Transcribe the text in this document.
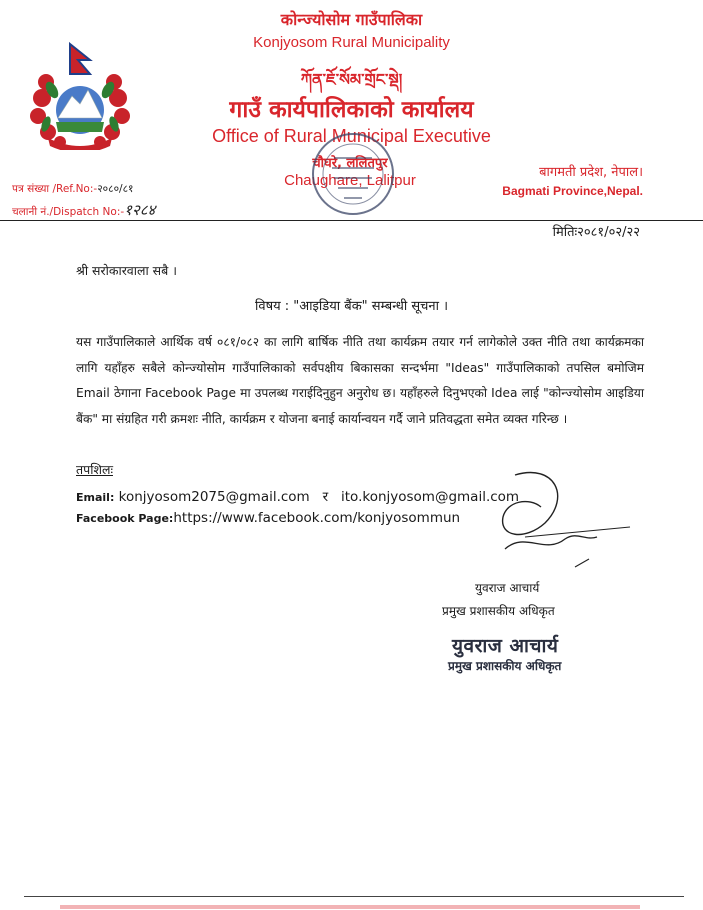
कोन्ज्योसोम गाउँपालिका
Konjyosom Rural Municipality
ཀོན་ཇོ་སོམ་གྲོང་སྡེ།
गाउँ कार्यपालिकाको कार्यालय
Office of Rural Municipal Executive
चौघरे, ललितपुर
Chaughare, Lalitpur
पत्र संख्या /Ref.No:-२०८०/८१
चलानी नं./Dispatch No:-१२८४
बागमती प्रदेश, नेपाल।
Bagmati Province,Nepal.
मितिः२०८१/०२/२२
श्री सरोकारवाला सबै ।
विषय : "आइडिया बैंक" सम्बन्धी सूचना ।
यस गाउँपालिकाले आर्थिक वर्ष ०८१/०८२ का लागि बार्षिक नीति तथा कार्यक्रम तयार गर्न लागेकोले उक्त नीति तथा कार्यक्रमका लागि यहाँहरु सबैले कोन्ज्योसोम गाउँपालिकाको सर्वपक्षीय बिकासका सन्दर्भमा "Ideas" गाउँपालिकाको तपसिल बमोजिम Email ठेगाना Facebook Page मा उपलब्ध गराईदिनुहुन अनुरोध छ। यहाँहरुले दिनुभएको Idea लाई "कोन्ज्योसोम आइडिया बैंक" मा संग्रहित गरी क्रमशः नीति, कार्यक्रम र योजना बनाई कार्यान्वयन गर्दै जाने प्रतिवद्धता समेत व्यक्त गरिन्छ ।
तपशिलः
Email: konjyosom2075@gmail.com र ito.konjyosom@gmail.com
Facebook Page:https://www.facebook.com/konjyosommun
युवराज आचार्य
प्रमुख प्रशासकीय अधिकृत
युवराज आचार्य
प्रमुख प्रशासकीय अधिकृत
